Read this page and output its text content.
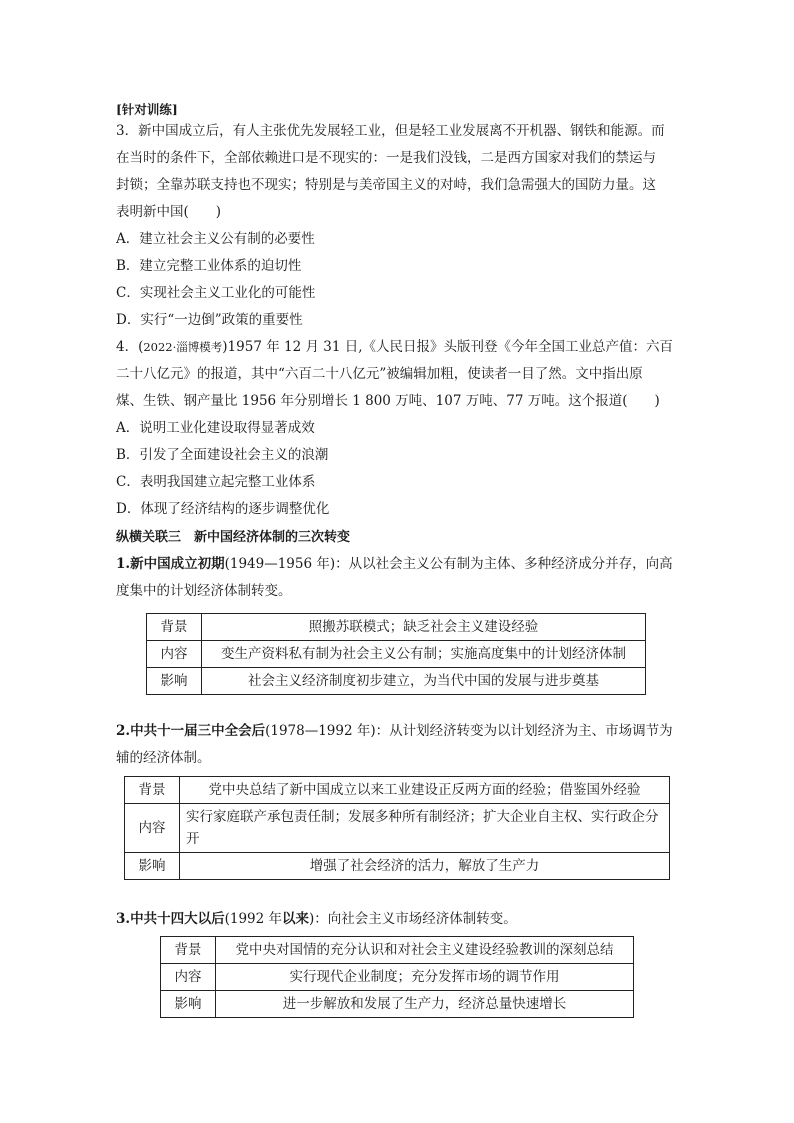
[针对训练]
3．新中国成立后，有人主张优先发展轻工业，但是轻工业发展离不开机器、钢铁和能源。而
在当时的条件下，全部依赖进口是不现实的：一是我们没钱，二是西方国家对我们的禁运与
封锁；全靠苏联支持也不现实；特别是与美帝国主义的对峙，我们急需强大的国防力量。这
表明新中国(　　)
A．建立社会主义公有制的必要性
B．建立完整工业体系的迫切性
C．实现社会主义工业化的可能性
D．实行“一边倒”政策的重要性
4．(2022·淄博模考)1957 年 12 月 31 日,《人民日报》头版刊登《今年全国工业总产值：六百
二十八亿元》的报道，其中“六百二十八亿元”被编辑加粗，使读者一目了然。文中指出原
煤、生铁、钢产量比 1956 年分别增长 1 800 万吨、107 万吨、77 万吨。这个报道(　　)
A．说明工业化建设取得显著成效
B．引发了全面建设社会主义的浪潮
C．表明我国建立起完整工业体系
D．体现了经济结构的逐步调整优化
纵横关联三　新中国经济体制的三次转变
1.新中国成立初期(1949—1956 年)：从以社会主义公有制为主体、多种经济成分并存，向高
度集中的计划经济体制转变。
背景	照搬苏联模式；缺乏社会主义建设经验
内容	变生产资料私有制为社会主义公有制；实施高度集中的计划经济体制
影响	社会主义经济制度初步建立，为当代中国的发展与进步奠基
2.中共十一届三中全会后(1978—1992 年)：从计划经济转变为以计划经济为主、市场调节为
辅的经济体制。
背景	党中央总结了新中国成立以来工业建设正反两方面的经验；借鉴国外经验
内容	实行家庭联产承包责任制；发展多种所有制经济；扩大企业自主权、实行政企分开
影响	增强了社会经济的活力，解放了生产力
3.中共十四大以后(1992 年以来)：向社会主义市场经济体制转变。
背景	党中央对国情的充分认识和对社会主义建设经验教训的深刻总结
内容	实行现代企业制度；充分发挥市场的调节作用
影响	进一步解放和发展了生产力，经济总量快速增长
